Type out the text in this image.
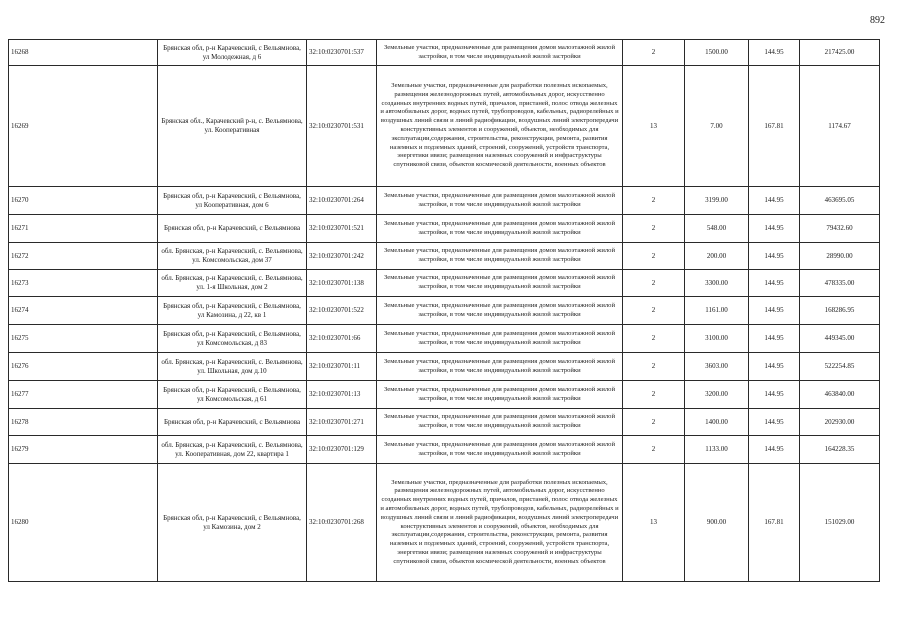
892
16268	Брянская обл, р-н Карачевский, с Вельямнова, ул Молодежная, д 6	32:10:0230701:537	Земельные участки, предназначенные для размещения домов малоэтажной жилой застройки, в том числе индивидуальной жилой застройки	2	1500.00	144.95	217425.00
16269	Брянская обл., Карачевский р-н, с. Вельямнова, ул. Кооперативная	32:10:0230701:531	Земельные участки, предназначенные для разработки полезных ископаемых, размещения железнодорожных путей, автомобильных дорог, искусственно созданных внутренних водных путей, причалов, пристаней, полос отвода железных и автомобильных дорог, водных путей, трубопроводов, кабельных, радиорелейных и воздушных линий связи и линий радиофикации, воздушных линий электропередачи конструктивных элементов и сооружений, объектов, необходимых для эксплуатации,содержания, строительства, реконструкции, ремонта, развития наземных и подземных зданий, строений, сооружений, устройств транспорта, энергетики ивязи; размещения наземных сооружений и инфраструктуры спутниковой связи, объектов космической деятельности, военных объектов	13	7.00	167.81	1174.67
16270	Брянская обл, р-н Карачевский, с Вельямнова, ул Кооперативная, дом 6	32:10:0230701:264	Земельные участки, предназначенные для размещения домов малоэтажной жилой застройки, в том числе индивидуальной жилой застройки	2	3199.00	144.95	463695.05
16271	Брянская обл, р-н Карачевский, с Вельямнова	32:10:0230701:521	Земельные участки, предназначенные для размещения домов малоэтажной жилой застройки, в том числе индивидуальной жилой застройки	2	548.00	144.95	79432.60
16272	обл. Брянская, р-н Карачевский, с. Вельямнова, ул. Комсомольская, дом 37	32:10:0230701:242	Земельные участки, предназначенные для размещения домов малоэтажной жилой застройки, в том числе индивидуальной жилой застройки	2	200.00	144.95	28990.00
16273	обл. Брянская, р-н Карачевский, с. Вельямнова, ул. 1-я Школьная, дом 2	32:10:0230701:138	Земельные участки, предназначенные для размещения домов малоэтажной жилой застройки, в том числе индивидуальной жилой застройки	2	3300.00	144.95	478335.00
16274	Брянская обл, р-н Карачевский, с Вельямнова, ул Камозина, д 22, кв 1	32:10:0230701:522	Земельные участки, предназначенные для размещения домов малоэтажной жилой застройки, в том числе индивидуальной жилой застройки	2	1161.00	144.95	168286.95
16275	Брянская обл, р-н Карачевский, с Вельямнова, ул Комсомольская, д 83	32:10:0230701:66	Земельные участки, предназначенные для размещения домов малоэтажной жилой застройки, в том числе индивидуальной жилой застройки	2	3100.00	144.95	449345.00
16276	обл. Брянская, р-н Карачевский, с. Вельямнова, ул. Школьная, дом д.10	32:10:0230701:11	Земельные участки, предназначенные для размещения домов малоэтажной жилой застройки, в том числе индивидуальной жилой застройки	2	3603.00	144.95	522254.85
16277	Брянская обл, р-н Карачевский, с Вельямнова, ул Комсомольская, д 61	32:10:0230701:13	Земельные участки, предназначенные для размещения домов малоэтажной жилой застройки, в том числе индивидуальной жилой застройки	2	3200.00	144.95	463840.00
16278	Брянская обл, р-н Карачевский, с Вельямнова	32:10:0230701:271	Земельные участки, предназначенные для размещения домов малоэтажной жилой застройки, в том числе индивидуальной жилой застройки	2	1400.00	144.95	202930.00
16279	обл. Брянская, р-н Карачевский, с. Вельямнова, ул. Кооперативная, дом 22, квартира 1	32:10:0230701:129	Земельные участки, предназначенные для размещения домов малоэтажной жилой застройки, в том числе индивидуальной жилой застройки	2	1133.00	144.95	164228.35
16280	Брянская обл, р-н Карачевский, с Вельямнова, ул Камозина, дом 2	32:10:0230701:268	Земельные участки, предназначенные для разработки полезных ископаемых, размещения железнодорожных путей, автомобильных дорог, искусственно созданных внутренних водных путей, причалов, пристаней, полос отвода железных и автомобильных дорог, водных путей, трубопроводов, кабельных, радиорелейных и воздушных линий связи и линий радиофикации, воздушных линий электропередачи конструктивных элементов и сооружений, объектов, необходимых для эксплуатации,содержания, строительства, реконструкции, ремонта, развития наземных и подземных зданий, строений, сооружений, устройств транспорта, энергетики ивязи; размещения наземных сооружений и инфраструктуры спутниковой связи, объектов космической деятельности, военных объектов	13	900.00	167.81	151029.00
